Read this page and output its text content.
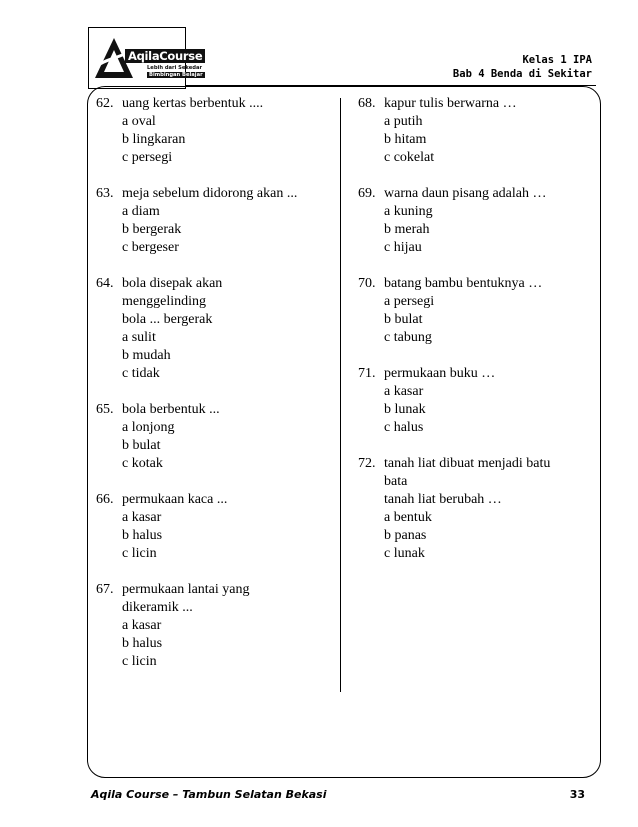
AqilaCourse
Lebih dari Sekedar
Bimbingan Belajar
Kelas 1 IPA
Bab 4 Benda di Sekitar
62. uang kertas berbentuk ....
a oval
b lingkaran
c persegi
63. meja sebelum didorong akan ...
a diam
b bergerak
c bergeser
64. bola disepak akan
menggelinding
bola ... bergerak
a sulit
b mudah
c tidak
65. bola berbentuk ...
a lonjong
b bulat
c kotak
66. permukaan kaca ...
a kasar
b halus
c licin
67. permukaan lantai yang
dikeramik ...
a kasar
b halus
c licin
68. kapur tulis berwarna …
a putih
b hitam
c cokelat
69. warna daun pisang adalah …
a kuning
b merah
c hijau
70. batang bambu bentuknya …
a persegi
b bulat
c tabung
71. permukaan buku …
a kasar
b lunak
c halus
72. tanah liat dibuat menjadi batu
bata
tanah liat berubah …
a bentuk
b panas
c lunak
Aqila Course – Tambun Selatan Bekasi	33
